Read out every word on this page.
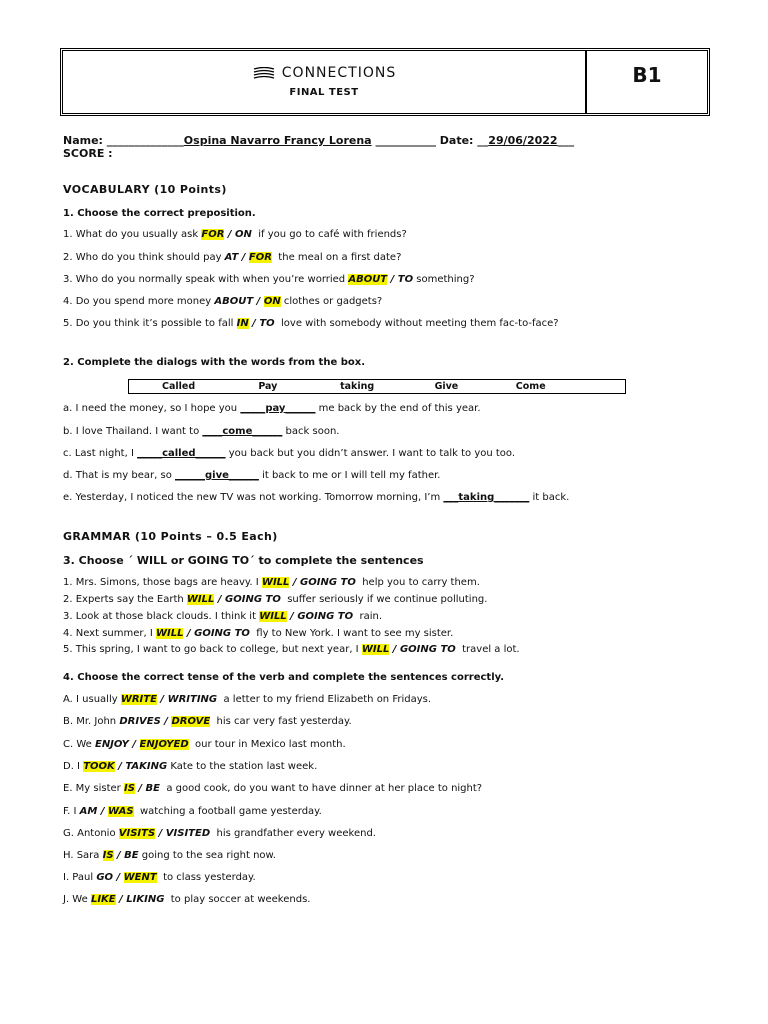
CONNECTIONS
FINAL TEST
B1
Name: ______________Ospina Navarro Francy Lorena ___________ Date: __29/06/2022___
SCORE :
VOCABULARY (10 Points)
1. Choose the correct preposition.
1. What do you usually ask FOR / ON  if you go to café with friends?
2. Who do you think should pay AT / FOR  the meal on a first date?
3. Who do you normally speak with when you’re worried ABOUT / TO something?
4. Do you spend more money ABOUT / ON clothes or gadgets?
5. Do you think it’s possible to fall IN / TO  love with somebody without meeting them fac-to-face?
2. Complete the dialogs with the words from the box.
Called	Pay	taking	Give	Come
a. I need the money, so I hope you _____pay______ me back by the end of this year.
b. I love Thailand. I want to ____come______ back soon.
c. Last night, I _____called______ you back but you didn’t answer. I want to talk to you too.
d. That is my bear, so ______give______ it back to me or I will tell my father.
e. Yesterday, I noticed the new TV was not working. Tomorrow morning, I’m ___taking_______ it back.
GRAMMAR (10 Points – 0.5 Each)
3. Choose ´ WILL or GOING TO´ to complete the sentences
1. Mrs. Simons, those bags are heavy. I WILL / GOING TO  help you to carry them.
2. Experts say the Earth WILL / GOING TO  suffer seriously if we continue polluting.
3. Look at those black clouds. I think it WILL / GOING TO  rain.
4. Next summer, I WILL / GOING TO  fly to New York. I want to see my sister.
5. This spring, I want to go back to college, but next year, I WILL / GOING TO  travel a lot.
4. Choose the correct tense of the verb and complete the sentences correctly.
A. I usually WRITE / WRITING  a letter to my friend Elizabeth on Fridays.
B. Mr. John DRIVES / DROVE  his car very fast yesterday.
C. We ENJOY / ENJOYED  our tour in Mexico last month.
D. I TOOK / TAKING Kate to the station last week.
E. My sister IS / BE  a good cook, do you want to have dinner at her place to night?
F. I AM / WAS  watching a football game yesterday.
G. Antonio VISITS / VISITED  his grandfather every weekend.
H. Sara IS / BE going to the sea right now.
I. Paul GO / WENT  to class yesterday.
J. We LIKE / LIKING  to play soccer at weekends.
